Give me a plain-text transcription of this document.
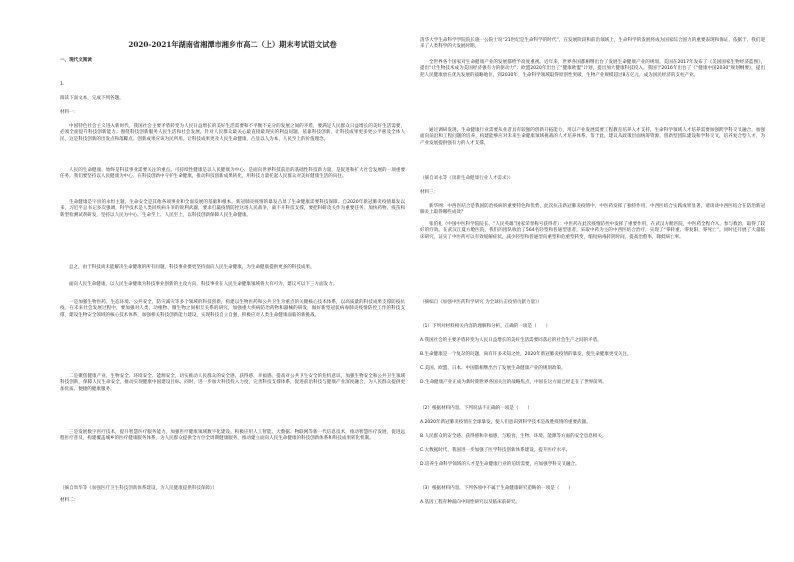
2020-2021年湖南省湘潭市湘乡市高二（上）期末考试语文试卷

一、现代文阅读

1.

阅读下面文本，完成下列各题。

材料一：

中国特色社会主义进入新时代，我国社会主要矛盾转变为人民日益增长的美好生活需要和不平衡不充分的发展之间的矛盾，要满足人民群众日益增长的美好生活需要，必须全面提升科技创新能力。围绕科技创新服务人民生活和社会发展，针对人民群众最关心最直接最现实的利益问题，依靠科技创新，让科技成果更多更公平惠及全体人民，这是科技创新的出发点和落脚点。创新成果应该为民所用，让科技成果更及人民生命健康，凸显以人为本、人民至上的价值理念。

人民的生命健康，始终是科技事业需要关注的重点。可持续性健康是以人民健康为中心、是面向世界科技前沿的基础性科技新力量，是促进和扩大社会发展的一项重要任务。我们要坚持以人民健康为中心，在科技创新中守护生命健康，推动科技创新成果转化，用科技力量托起人民群众对美好健康生活的向往。

生命健康是宇宙的永恒主题，生命安全是其他各项事业和全面发展的基础和根本。新冠肺炎疫情的暴发凸显了生命健康需要科技保障。自2020年新冠肺炎疫情暴发以来，习近平总书记多次强调，科学技术是人类同疾病斗争的锐利武器，要求打赢疫情防控这场人民战争，离不开科技支撑，要把科研攻关作为重要任务，加快药物、疫苗和新型检测试剂研发，坚持以人民为中心、生命至上、人民至上，以科技创新保障人民生命健康。

总之，由于科技尚未能解决生命健康的所有问题，科技事业要更坚持面向人民生命健康，为生命健康提供更多的科技成果。

面向人民生命健康，以人民生命健康为科技事业创新的主攻方向，科技事业在人民生命健康领域将大有可为，建议可以下三方面发力。

一是加强生物医药、生态环境、公共安全、防灾减灾等多个领域的科技创新，构建以生物医药和公共卫生为重点的关键核心技术体系，以高质量的科技成果支撑防疫抗疫。在未来社会发展过程中，要加强对人类、动植物、微生物之间相互关系的研究，加强重大疾病防治药物和器械的研发，做好新型冠状病毒肺炎疫情防控工作的科技支撑，建设生物安全领域的核心技术体系，加强相关科技创新能力建设，实现科技自立自强，积极应对人类生命健康面临的新挑战。

二是聚焦健康产业、生物安全、环境安全、能源安全，切实推动人民群众的安全感、获得感、幸福感。提高对公共卫生安全的危机意识，加强生物安全和公共卫生领域科技创新，保障人民生命安全，推动实现健康中国建设目标。同时，进一步加大科技投入力度，完善科技支撑体系，促进前沿科技与健康产业深度融合，为人民群众提供更加优质、便捷的健康服务。

三是发展数字医疗技术，提升智慧医疗服务能力，加强医疗健康领域数字化建设。积极应用人工智能、大数据、物联网等新一代信息技术，推动智慧医疗发展，促进远程医疗普及，构建覆盖城乡的医疗健康服务体系，为人民群众提供全方位全周期健康服务，推动建立面向人民生命健康的科技创新体系和科技成果转化机制。

（摘自周华等《加强医疗卫生科技创新体系建设，为人民健康提供科技保障》）

材料二：

清华大学生命科学学院院长施一公院士说“21世纪是生命科学的时代”，在发展阶段和前沿领域上，生命科学的发展将成为国家综合国力的重要表现和保证，依据于，我们迎来了人类科学的大发展时期。

全世界各个国家对生命健康产业的发展都给予高度重视。近年来，世界各国都相继出台了发展生命健康产业的规划。美国在2017年发布了《美国国家生物经济蓝图》，提出“让生物技术成为美国经济强有力的驱动力”；欧盟2020年出台了“健康欧盟”计划，提出加大健康科技投入。我国于2016年出台了《“健康中国2030”规划纲要》，提出把人民健康放在优先发展的战略地位，到2030年，生命科学领域取得原创性突破，生物产业规模超过8万亿元，成为国民经济的支柱产业。

通过调研发现，生命健康行业需要从业者具有较强的创新开拓能力，用以产业发展需要工程教育培养人才支持，生命科学领域人才培养需要加强跨学科交叉融合，加强面向前沿和工程问题的培养，构建能够应对未来生命健康领域挑战的人才培养体系。鉴于此，建议从政策层面统筹资源，创新型团队建设和学科交叉，培养复合型人才，为产业发展提供强有力的人才支撑。

（摘自刘永等《谈新生命健康行业人才需求》）

材料三：

新华网：中西医结合是我国防治疫病的重要特色和优势，此次抗击新冠肺炎疫情中，中医药发挥了独特作用，中西医结合实践成果显著，请谈谈中西医结合在防治新冠肺炎上取得哪些成效？

张伯礼（中国中医科学院院长、“人民英雄”国家荣誉称号获得者）：中医药在此次疫情防控中发挥了重要作用，在武汉方舱医院，中医药全程介入，参与救治，取得了较好的疗效。在武汉江夏方舱医院，我们的团队收治了564名轻型和普通型患者，采取中药为主的中西医结合治疗，实现了“零转重、零复阳、零死亡”。同时还开展了大量临床研究，证实了中医药可以有效缓解症状，减少轻型和普通型向重型和危重型转变，缩短病毒转阴时间，提高治愈率，降低病亡率。

（摘编自《加强中医药科学研究 为全球抗击疫情贡献力量》）

（1）下列对材料相关内容的理解和分析，正确的一项是（　　）

A.我国社会的主要矛盾转变为人民日益增长的美好生活需要同落后的社会生产之间的矛盾。

B.生命健康是一个复杂的问题，尚有许多未知之处，2020年新冠肺炎疫情的暴发，使生命健康更受关注。

C.美国、欧盟、日本、中国都相继出台了发展生命健康产业的规划政策。

D.生命健康产业正成为新时期世界各国关注的战略焦点，中国在这方面已经走在了世界前列。

（2）根据材料内容，下列说法不正确的一项是（　　）

A.2020年新冠肺炎疫情在全球暴发，使人们意识到科学技术是战胜疫情的重要武器。

B.人民群众的安全感、获得感和幸福感，与粮食、生物、环境、能源等方面的安全息息相关。

C.大数据时代，我国进一步加强了医学科技创新体系建设，提升医疗水平。

D.培养生命科学领域的人才是生命健康行业的迫切需要，应加强学科交叉融合。

（3）根据材料内容，下列各项中不属于生命健康研究范畴的一项是（　　）

A.基因工程育种面向中间性研究以及临床前研究。
